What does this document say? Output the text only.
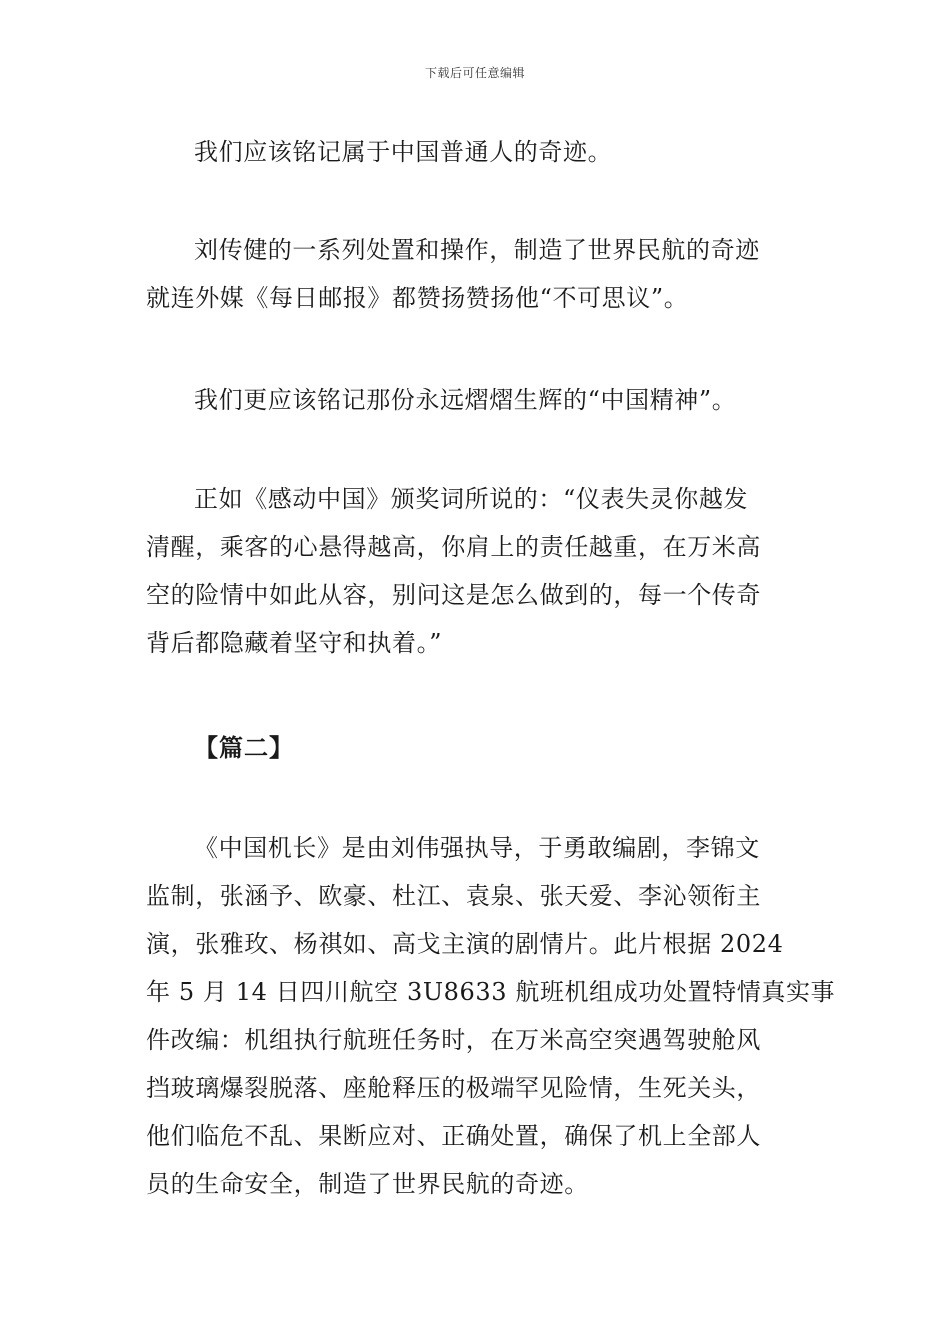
下载后可任意编辑

我们应该铭记属于中国普通人的奇迹。

刘传健的一系列处置和操作，制造了世界民航的奇迹
就连外媒《每日邮报》都赞扬赞扬他“不可思议”。

我们更应该铭记那份永远熠熠生辉的“中国精神”。

正如《感动中国》颁奖词所说的：“仪表失灵你越发
清醒，乘客的心悬得越高，你肩上的责任越重，在万米高
空的险情中如此从容，别问这是怎么做到的，每一个传奇
背后都隐藏着坚守和执着。”

【篇二】

《中国机长》是由刘伟强执导，于勇敢编剧，李锦文
监制，张涵予、欧豪、杜江、袁泉、张天爱、李沁领衔主
演，张雅玫、杨祺如、高戈主演的剧情片。此片根据 2024
年 5 月 14 日四川航空 3U8633 航班机组成功处置特情真实事
件改编：机组执行航班任务时，在万米高空突遇驾驶舱风
挡玻璃爆裂脱落、座舱释压的极端罕见险情，生死关头，
他们临危不乱、果断应对、正确处置，确保了机上全部人
员的生命安全，制造了世界民航的奇迹。
